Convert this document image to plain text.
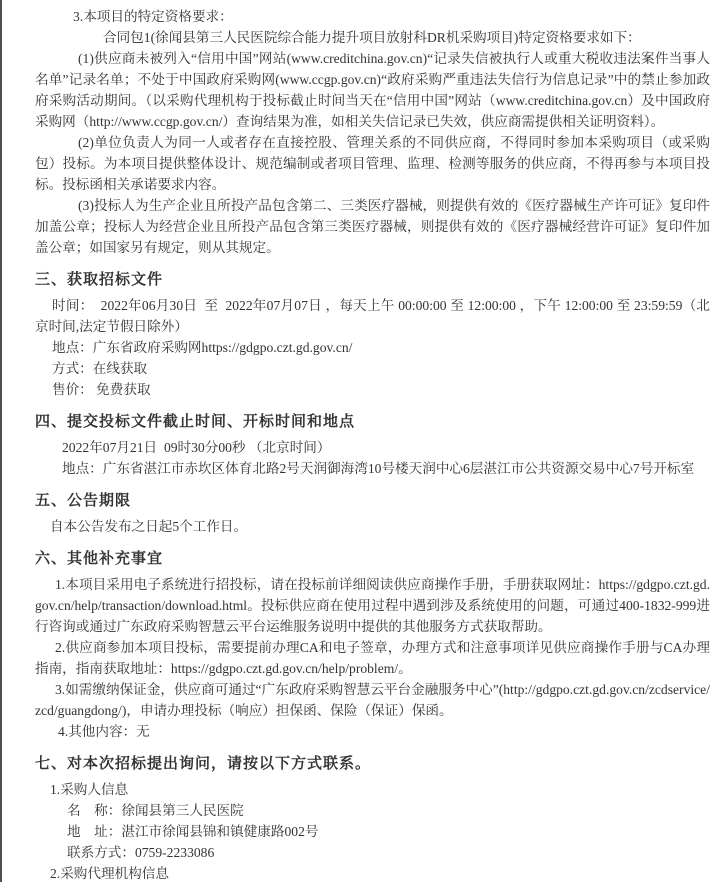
3.本项目的特定资格要求：

合同包1(徐闻县第三人民医院综合能力提升项目放射科DR机采购项目)特定资格要求如下：

(1)供应商未被列入“信用中国”网站(www.creditchina.gov.cn)“记录失信被执行人或重大税收违法案件当事人名单”记录名单；不处于中国政府采购网(www.ccgp.gov.cn)“政府采购严重违法失信行为信息记录”中的禁止参加政府采购活动期间。（以采购代理机构于投标截止时间当天在“信用中国”网站（www.creditchina.gov.cn）及中国政府采购网（http://www.ccgp.gov.cn/）查询结果为准，如相关失信记录已失效，供应商需提供相关证明资料）。

(2)单位负责人为同一人或者存在直接控股、管理关系的不同供应商，不得同时参加本采购项目（或采购包）投标。为本项目提供整体设计、规范编制或者项目管理、监理、检测等服务的供应商，不得再参与本项目投标。投标函相关承诺要求内容。

(3)投标人为生产企业且所投产品包含第二、三类医疗器械，则提供有效的《医疗器械生产许可证》复印件加盖公章；投标人为经营企业且所投产品包含第三类医疗器械，则提供有效的《医疗器械经营许可证》复印件加盖公章；如国家另有规定，则从其规定。

三、获取招标文件

时间：  2022年06月30日  至  2022年07月07日 ，每天上午 00:00:00 至 12:00:00 ，下午 12:00:00 至 23:59:59（北京时间,法定节假日除外）

地点：广东省政府采购网https://gdgpo.czt.gd.gov.cn/

方式：在线获取

售价： 免费获取

四、提交投标文件截止时间、开标时间和地点

2022年07月21日  09时30分00秒 （北京时间）

地点：广东省湛江市赤坎区体育北路2号天润御海湾10号楼天润中心6层湛江市公共资源交易中心7号开标室

五、公告期限

自本公告发布之日起5个工作日。

六、其他补充事宜

1.本项目采用电子系统进行招投标，请在投标前详细阅读供应商操作手册，手册获取网址：https://gdgpo.czt.gd.gov.cn/help/transaction/download.html。投标供应商在使用过程中遇到涉及系统使用的问题，可通过400-1832-999进行咨询或通过广东政府采购智慧云平台运维服务说明中提供的其他服务方式获取帮助。

2.供应商参加本项目投标，需要提前办理CA和电子签章，办理方式和注意事项详见供应商操作手册与CA办理指南，指南获取地址：https://gdgpo.czt.gd.gov.cn/help/problem/。

3.如需缴纳保证金，供应商可通过“广东政府采购智慧云平台金融服务中心”(http://gdgpo.czt.gd.gov.cn/zcdservice/zcd/guangdong/)，申请办理投标（响应）担保函、保险（保证）保函。

4.其他内容：无

七、对本次招标提出询问，请按以下方式联系。

1.采购人信息

名　称：徐闻县第三人民医院

地　址：湛江市徐闻县锦和镇健康路002号

联系方式：0759-2233086

2.采购代理机构信息
